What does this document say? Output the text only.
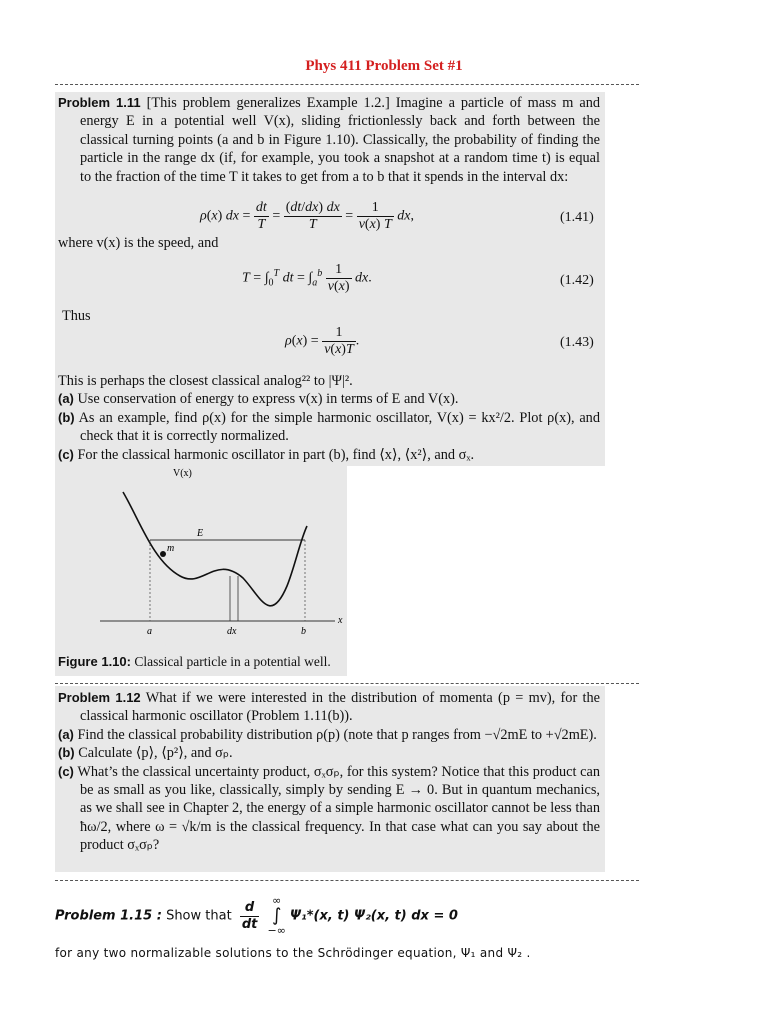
Phys 411 Problem Set #1
Problem 1.11 [This problem generalizes Example 1.2.] Imagine a particle of mass m and energy E in a potential well V(x), sliding frictionlessly back and forth between the classical turning points (a and b in Figure 1.10). Classically, the probability of finding the particle in the range dx (if, for example, you took a snapshot at a random time t) is equal to the fraction of the time T it takes to get from a to b that it spends in the interval dx:
ρ(x) dx = $\frac{dt}{T} = \frac{(dt/dx) dx}{T} = \frac{1}{v(x) T}$ dx,	(1.41)
where v(x) is the speed, and
$T = \int_0^T$ dt = $\int_a^b \frac{1}{v(x)}$ dx.	(1.42)
Thus
$\rho(x) = \frac{1}{v(x)T}$ .	(1.43)
This is perhaps the closest classical analog²² to |Ψ|².
(a) Use conservation of energy to express v(x) in terms of E and V(x).
(b) As an example, find ρ(x) for the simple harmonic oscillator, V(x) = kx²/2. Plot ρ(x), and check that it is correctly normalized.
(c) For the classical harmonic oscillator in part (b), find ⟨x⟩, ⟨x²⟩, and σₓ.
V(x)
x
E
m
a	dx	b
Figure 1.10: Classical particle in a potential well.
Problem 1.12 What if we were interested in the distribution of momenta (p = mv), for the classical harmonic oscillator (Problem 1.11(b)).
(a) Find the classical probability distribution ρ(p) (note that p ranges from −√2mE to +√2mE).
(b) Calculate ⟨p⟩, ⟨p²⟩, and σₚ.
(c) What’s the classical uncertainty product, σₓσₚ, for this system? Notice that this product can be as small as you like, classically, simply by sending E → 0. But in quantum mechanics, as we shall see in Chapter 2, the energy of a simple harmonic oscillator cannot be less than ħω/2, where ω = √k/m is the classical frequency. In that case what can you say about the product σₓσₚ?
Problem 1.15 : Show that $\frac{d}{dt}$
	∞
∫
−∞
Ψ₁*(x, t) Ψ₂(x, t) dx = 0
for any two normalizable solutions to the Schrödinger equation, Ψ₁ and Ψ₂ .
